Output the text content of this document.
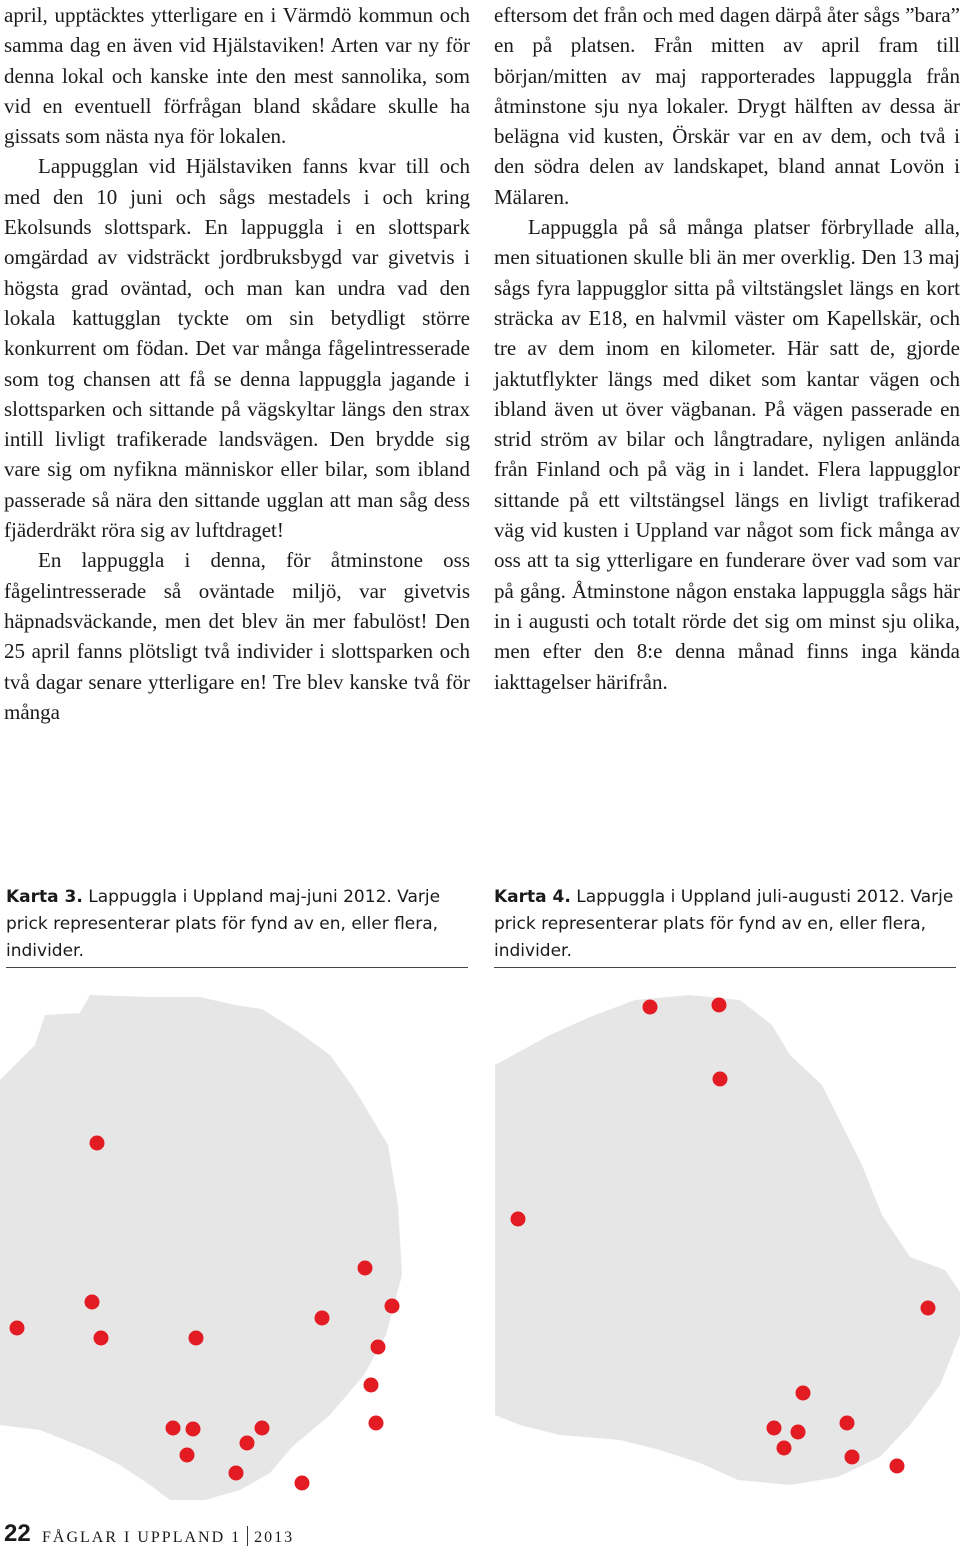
april, upptäcktes ytterligare en i Värmdö kommun och samma dag en även vid Hjälstaviken! Arten var ny för denna lokal och kanske inte den mest sannolika, som vid en eventuell förfrågan bland skådare skulle ha gissats som nästa nya för lokalen.

Lappugglan vid Hjälstaviken fanns kvar till och med den 10 juni och sågs mestadels i och kring Ekolsunds slottspark. En lappuggla i en slottspark omgärdad av vidsträckt jordbruksbygd var givetvis i högsta grad oväntad, och man kan undra vad den lokala kattugglan tyckte om sin betydligt större konkurrent om födan. Det var många fågelintresserade som tog chansen att få se denna lappuggla jagande i slottsparken och sittande på vägskyltar längs den strax intill livligt trafikerade landsvägen. Den brydde sig vare sig om nyfikna människor eller bilar, som ibland passerade så nära den sittande ugglan att man såg dess fjäderdräkt röra sig av luftdraget!

En lappuggla i denna, för åtminstone oss fågelintresserade så oväntade miljö, var givetvis häpnadsväckande, men det blev än mer fabulöst! Den 25 april fanns plötsligt två individer i slottsparken och två dagar senare ytterligare en! Tre blev kanske två för många

eftersom det från och med dagen därpå åter sågs ”bara” en på platsen. Från mitten av april fram till början/mitten av maj rapporterades lappuggla från åtminstone sju nya lokaler. Drygt hälften av dessa är belägna vid kusten, Örskär var en av dem, och två i den södra delen av landskapet, bland annat Lovön i Mälaren.

Lappuggla på så många platser förbryllade alla, men situationen skulle bli än mer overklig. Den 13 maj sågs fyra lappugglor sitta på viltstängslet längs en kort sträcka av E18, en halvmil väster om Kapellskär, och tre av dem inom en kilometer. Här satt de, gjorde jaktutflykter längs med diket som kantar vägen och ibland även ut över vägbanan. På vägen passerade en strid ström av bilar och långtradare, nyligen anlända från Finland och på väg in i landet. Flera lappugglor sittande på ett viltstängsel längs en livligt trafikerad väg vid kusten i Uppland var något som fick många av oss att ta sig ytterligare en funderare över vad som var på gång. Åtminstone någon enstaka lappuggla sågs här in i augusti och totalt rörde det sig om minst sju olika, men efter den 8:e denna månad finns inga kända iakttagelser härifrån.

Karta 3. Lappuggla i Uppland maj-juni 2012. Varje prick representerar plats för fynd av en, eller flera, individer.
Karta 4. Lappuggla i Uppland juli-augusti 2012. Varje prick representerar plats för fynd av en, eller flera, individer.
22 FÅGLAR I UPPLAND 1 2013
